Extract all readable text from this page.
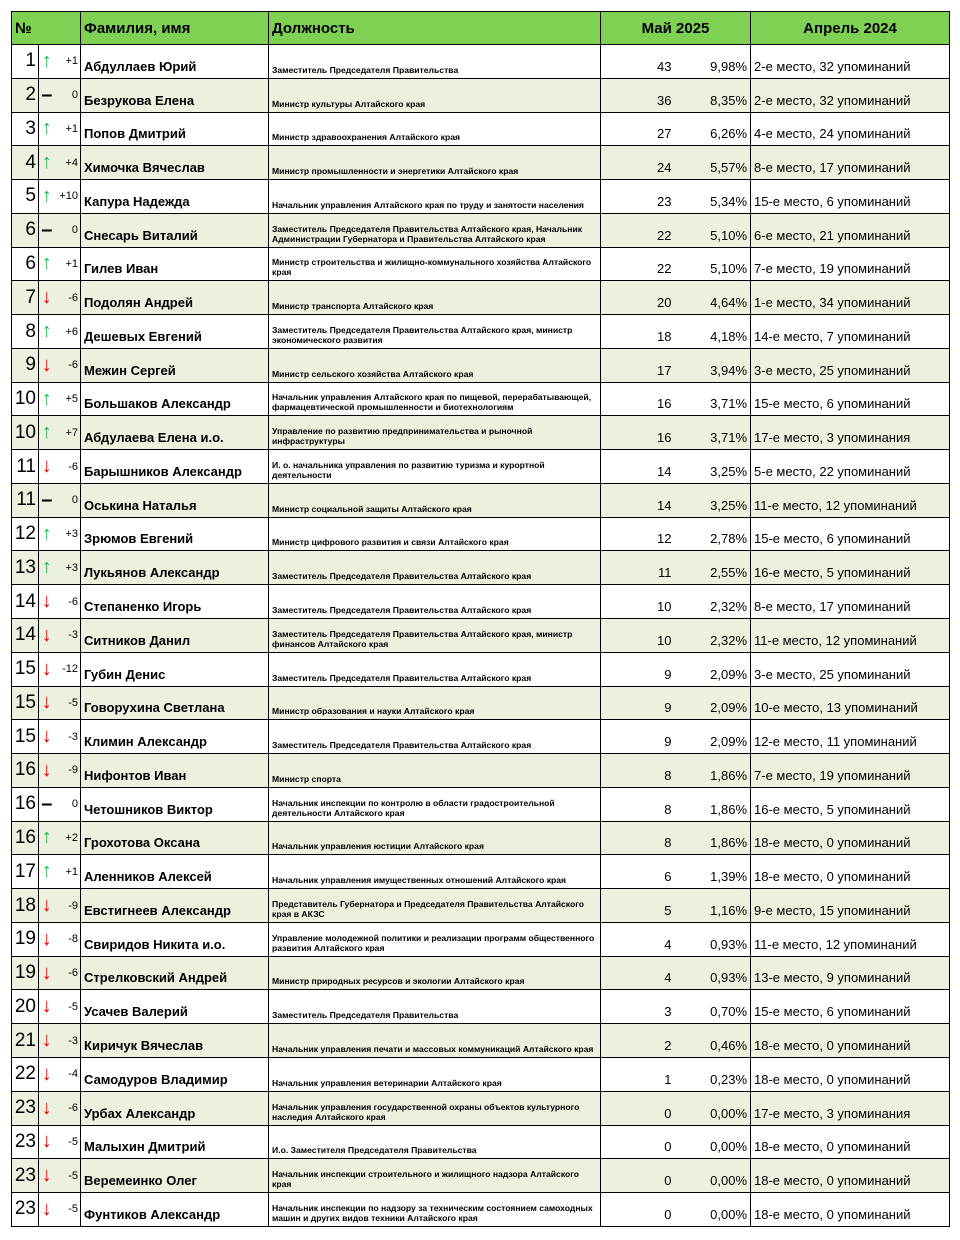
№			Фамилия, имя	Должность	Май 2025		Апрель 2024
1	↑	+1	Абдуллаев Юрий	Заместитель Председателя Правительства	43	9,98%	2-е место, 32 упоминаний
2	–	0	Безрукова Елена	Министр культуры Алтайского края	36	8,35%	2-е место, 32 упоминаний
3	↑	+1	Попов Дмитрий	Министр здравоохранения Алтайского края	27	6,26%	4-е место, 24 упоминаний
4	↑	+4	Химочка Вячеслав	Министр промышленности и энергетики Алтайского края	24	5,57%	8-е место, 17 упоминаний
5	↑	+10	Капура Надежда	Начальник управления Алтайского края по труду и занятости населения	23	5,34%	15-е место, 6 упоминаний
6	–	0	Снесарь Виталий	Заместитель Председателя Правительства Алтайского края, Начальник Администрации Губернатора и Правительства Алтайского края	22	5,10%	6-е место, 21 упоминаний
6	↑	+1	Гилев Иван	Министр строительства и жилищно-коммунального хозяйства Алтайского края	22	5,10%	7-е место, 19 упоминаний
7	↓	-6	Подолян Андрей	Министр транспорта Алтайского края	20	4,64%	1-е место, 34 упоминаний
8	↑	+6	Дешевых Евгений	Заместитель Председателя Правительства Алтайского края, министр экономического развития	18	4,18%	14-е место, 7 упоминаний
9	↓	-6	Межин Сергей	Министр сельского хозяйства Алтайского края	17	3,94%	3-е место, 25 упоминаний
10	↑	+5	Большаков Александр	Начальник управления Алтайского края по пищевой, перерабатывающей, фармацевтической промышленности и биотехнологиям	16	3,71%	15-е место, 6 упоминаний
10	↑	+7	Абдулаева Елена и.о.	Управление по развитию предпринимательства и рыночной инфраструктуры	16	3,71%	17-е место, 3 упоминания
11	↓	-6	Барышников Александр	И. о. начальника управления по развитию туризма и курортной деятельности	14	3,25%	5-е место, 22 упоминаний
11	–	0	Оськина Наталья	Министр социальной защиты Алтайского края	14	3,25%	11-е место, 12 упоминаний
12	↑	+3	Зрюмов Евгений	Министр цифрового развития и связи Алтайского края	12	2,78%	15-е место, 6 упоминаний
13	↑	+3	Лукьянов Александр	Заместитель Председателя Правительства Алтайского края	11	2,55%	16-е место, 5 упоминаний
14	↓	-6	Степаненко Игорь	Заместитель Председателя Правительства Алтайского края	10	2,32%	8-е место, 17 упоминаний
14	↓	-3	Ситников Данил	Заместитель Председателя Правительства Алтайского края, министр финансов Алтайского края	10	2,32%	11-е место, 12 упоминаний
15	↓	-12	Губин Денис	Заместитель Председателя Правительства Алтайского края	9	2,09%	3-е место, 25 упоминаний
15	↓	-5	Говорухина Светлана	Министр образования и науки Алтайского края	9	2,09%	10-е место, 13 упоминаний
15	↓	-3	Климин Александр	Заместитель Председателя Правительства Алтайского края	9	2,09%	12-е место, 11 упоминаний
16	↓	-9	Нифонтов Иван	Министр спорта	8	1,86%	7-е место, 19 упоминаний
16	–	0	Четошников Виктор	Начальник инспекции по контролю в области градостроительной деятельности Алтайского края	8	1,86%	16-е место, 5 упоминаний
16	↑	+2	Грохотова Оксана	Начальник управления юстиции Алтайского края	8	1,86%	18-е место, 0 упоминаний
17	↑	+1	Аленников Алексей	Начальник управления имущественных отношений Алтайского края	6	1,39%	18-е место, 0 упоминаний
18	↓	-9	Евстигнеев Александр	Представитель Губернатора и Председателя Правительства Алтайского края в АКЗС	5	1,16%	9-е место, 15 упоминаний
19	↓	-8	Свиридов Никита и.о.	Управление молодежной политики и реализации программ общественного развития Алтайского края	4	0,93%	11-е место, 12 упоминаний
19	↓	-6	Стрелковский Андрей	Министр природных ресурсов и экологии Алтайского края	4	0,93%	13-е место, 9 упоминаний
20	↓	-5	Усачев Валерий	Заместитель Председателя Правительства	3	0,70%	15-е место, 6 упоминаний
21	↓	-3	Киричук Вячеслав	Начальник управления печати и массовых коммуникаций Алтайского края	2	0,46%	18-е место, 0 упоминаний
22	↓	-4	Самодуров Владимир	Начальник управления ветеринарии Алтайского края	1	0,23%	18-е место, 0 упоминаний
23	↓	-6	Урбах Александр	Начальник управления государственной охраны объектов культурного наследия Алтайского края	0	0,00%	17-е место, 3 упоминания
23	↓	-5	Малыхин Дмитрий	И.о. Заместителя Председателя Правительства	0	0,00%	18-е место, 0 упоминаний
23	↓	-5	Веремеинко Олег	Начальник инспекции строительного и жилищного надзора Алтайского края	0	0,00%	18-е место, 0 упоминаний
23	↓	-5	Фунтиков Александр	Начальник инспекции по надзору за техническим состоянием самоходных машин и других видов техники Алтайского края	0	0,00%	18-е место, 0 упоминаний
